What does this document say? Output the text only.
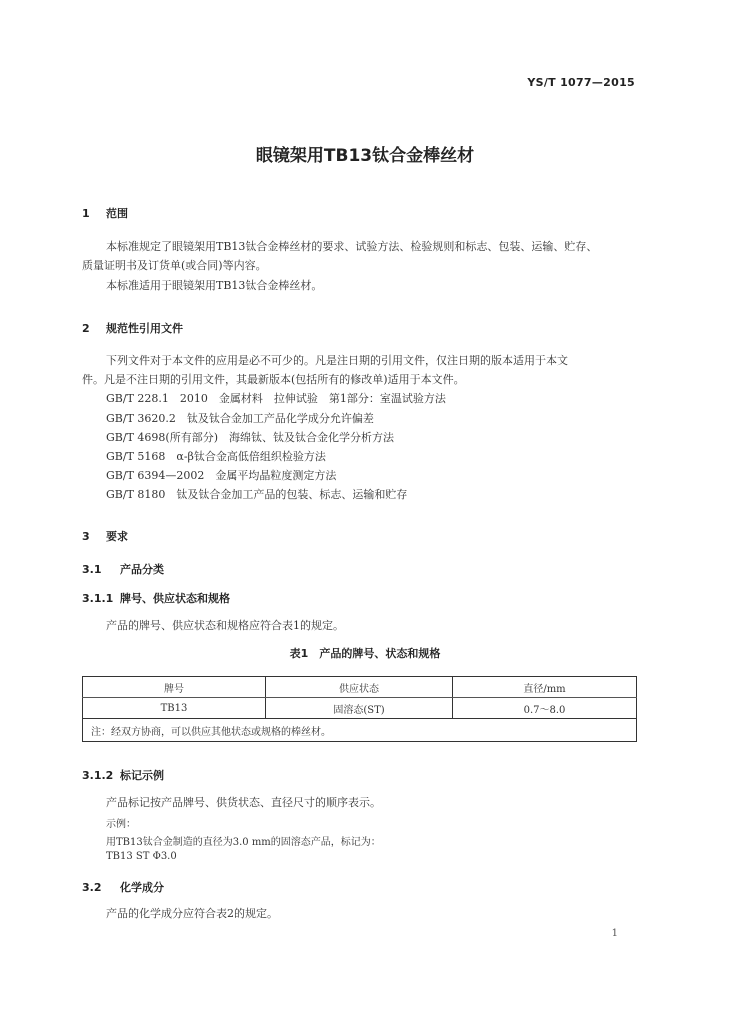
YS/T 1077—2015
眼镜架用TB13钛合金棒丝材
1 范围
本标准规定了眼镜架用TB13钛合金棒丝材的要求、试验方法、检验规则和标志、包装、运输、贮存、
质量证明书及订货单(或合同)等内容。
本标准适用于眼镜架用TB13钛合金棒丝材。
2 规范性引用文件
下列文件对于本文件的应用是必不可少的。凡是注日期的引用文件，仅注日期的版本适用于本文
件。凡是不注日期的引用文件，其最新版本(包括所有的修改单)适用于本文件。
GB/T 228.1　2010　金属材料　拉伸试验　第1部分：室温试验方法
GB/T 3620.2　钛及钛合金加工产品化学成分允许偏差
GB/T 4698(所有部分)　海绵钛、钛及钛合金化学分析方法
GB/T 5168　α-β钛合金高低倍组织检验方法
GB/T 6394—2002　金属平均晶粒度测定方法
GB/T 8180　钛及钛合金加工产品的包装、标志、运输和贮存
3 要求
3.1 产品分类
3.1.1 牌号、供应状态和规格
产品的牌号、供应状态和规格应符合表1的规定。
表1　产品的牌号、状态和规格
牌号	供应状态	直径/mm
TB13	固溶态(ST)	0.7～8.0
注：经双方协商，可以供应其他状态或规格的棒丝材。		
3.1.2 标记示例
产品标记按产品牌号、供货状态、直径尺寸的顺序表示。
示例：
用TB13钛合金制造的直径为3.0 mm的固溶态产品，标记为：
TB13 ST Φ3.0
3.2 化学成分
产品的化学成分应符合表2的规定。
1
